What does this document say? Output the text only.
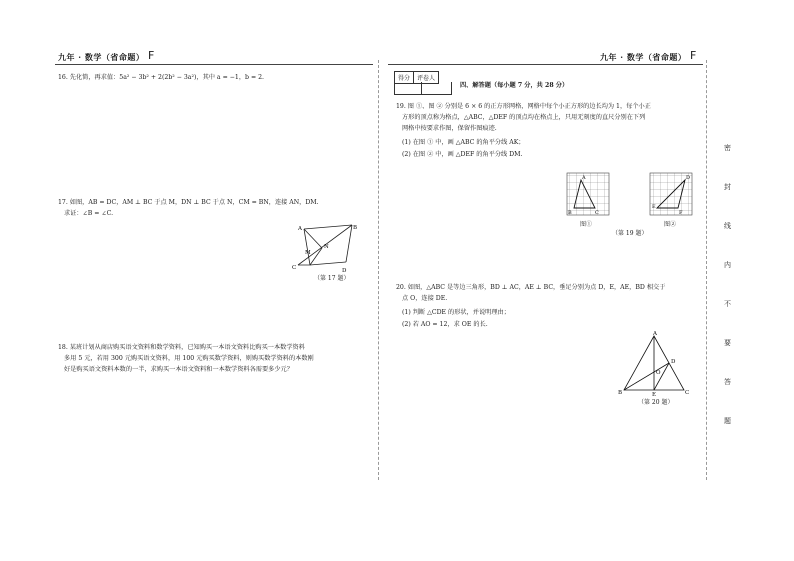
九年 · 数学（省命题） F	九年 · 数学（省命题） F
16. 先化简，再求值：5a² − 3b² + 2(2b² − 3a²)，其中 a = −1，b = 2.
17. 如图，AB = DC，AM ⊥ BC 于点 M，DN ⊥ BC 于点 N，CM = BN，连接 AN，DM.
求证：∠B = ∠C.
A	B
C	D
M
N
（第 17 题）
18. 某班计划从商店购买语文资料和数学资料，已知购买一本语文资料比购买一本数学资料
多用 5 元，若用 300 元购买语文资料，用 100 元购买数学资料，则购买数学资料的本数刚
好是购买语文资料本数的一半，求购买一本语文资料和一本数学资料各需要多少元？
得分	评卷人
四、解答题（每小题 7 分，共 28 分）
19. 图 ①、图 ② 分别是 6 × 6 的正方形网格，网格中每个小正方形的边长均为 1，每个小正
方形的顶点称为格点，△ABC，△DEF 的顶点均在格点上，只用无刻度的直尺分别在下列
网格中按要求作图，保留作图痕迹.
(1) 在图 ① 中，画 △ABC 的角平分线 AK；
(2) 在图 ② 中，画 △DEF 的角平分线 DM.
A
B	C
D
E
F
图①	图②
（第 19 题）
20. 如图，△ABC 是等边三角形，BD ⊥ AC，AE ⊥ BC，垂足分别为点 D，E，AE，BD 相交于
点 O，连接 DE.
(1) 判断 △CDE 的形状，并说明理由；
(2) 若 AO = 12，求 OE 的长.
A
B	C
D
E
O
（第 20 题）
密
封
线
内
不
要
答
题
